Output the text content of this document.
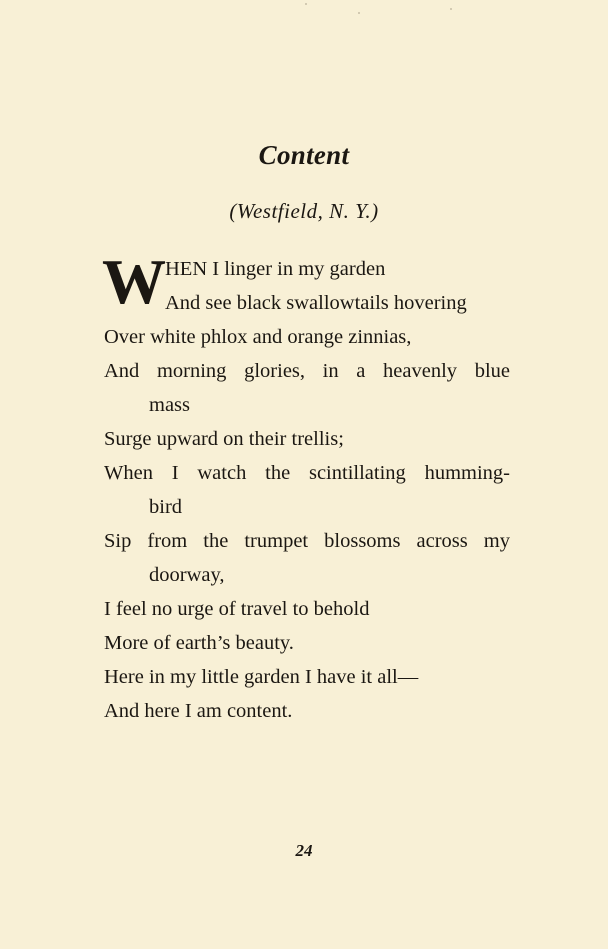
Content
(Westfield, N. Y.)
W HEN I linger in my garden
And see black swallowtails hovering
Over white phlox and orange zinnias,
And morning glories, in a heavenly blue
mass
Surge upward on their trellis;
When I watch the scintillating humming-
bird
Sip from the trumpet blossoms across my
doorway,
I feel no urge of travel to behold
More of earth’s beauty.
Here in my little garden I have it all—
And here I am content.
24
